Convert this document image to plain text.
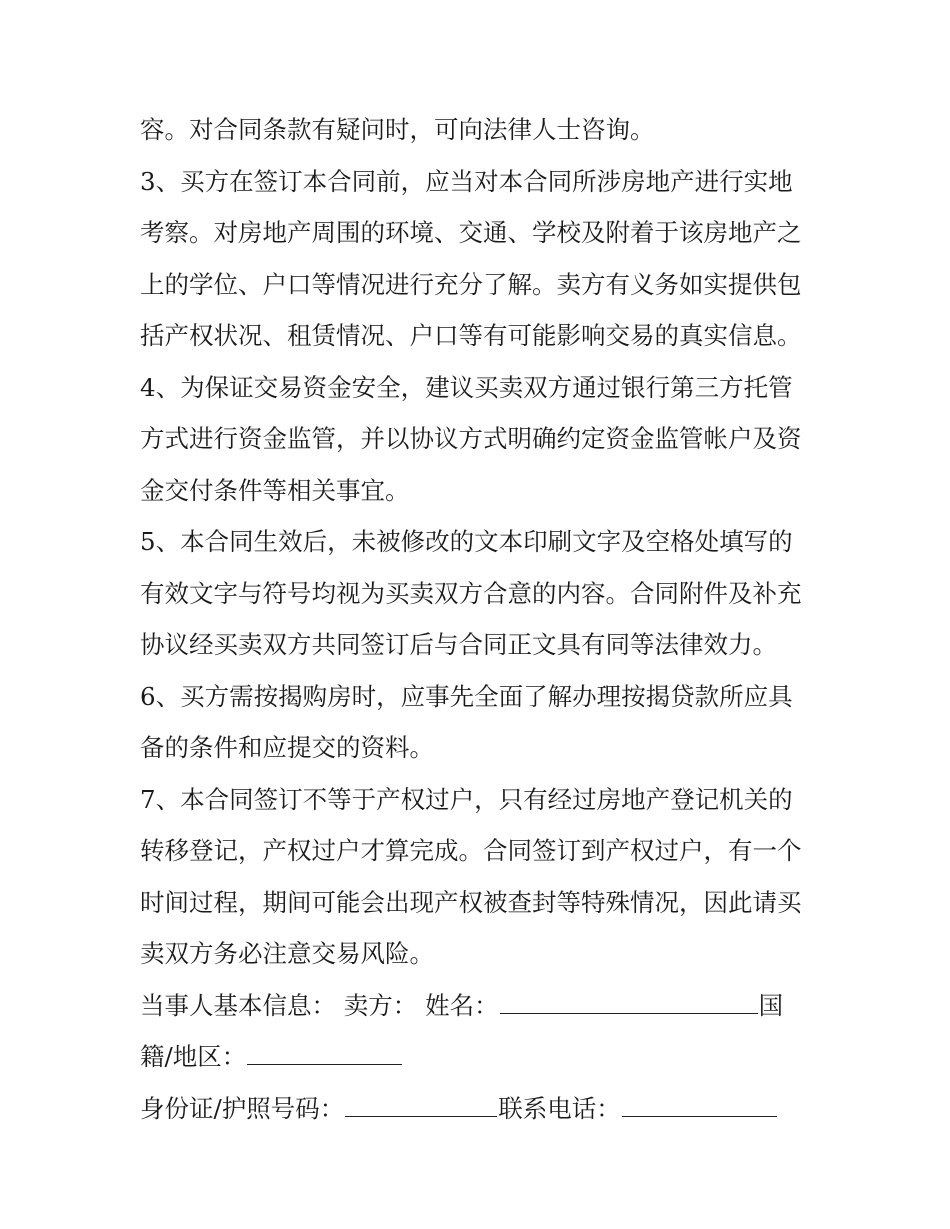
容。对合同条款有疑问时，可向法律人士咨询。
3、买方在签订本合同前，应当对本合同所涉房地产进行实地
考察。对房地产周围的环境、交通、学校及附着于该房地产之
上的学位、户口等情况进行充分了解。卖方有义务如实提供包
括产权状况、租赁情况、户口等有可能影响交易的真实信息。
4、为保证交易资金安全，建议买卖双方通过银行第三方托管
方式进行资金监管，并以协议方式明确约定资金监管帐户及资
金交付条件等相关事宜。
5、本合同生效后，未被修改的文本印刷文字及空格处填写的
有效文字与符号均视为买卖双方合意的内容。合同附件及补充
协议经买卖双方共同签订后与合同正文具有同等法律效力。
6、买方需按揭购房时，应事先全面了解办理按揭贷款所应具
备的条件和应提交的资料。
7、本合同签订不等于产权过户，只有经过房地产登记机关的
转移登记，产权过户才算完成。合同签订到产权过户，有一个
时间过程，期间可能会出现产权被查封等特殊情况，因此请买
卖双方务必注意交易风险。
当事人基本信息： 卖方： 姓名：	国
籍/地区：
身份证/护照号码：	联系电话：
